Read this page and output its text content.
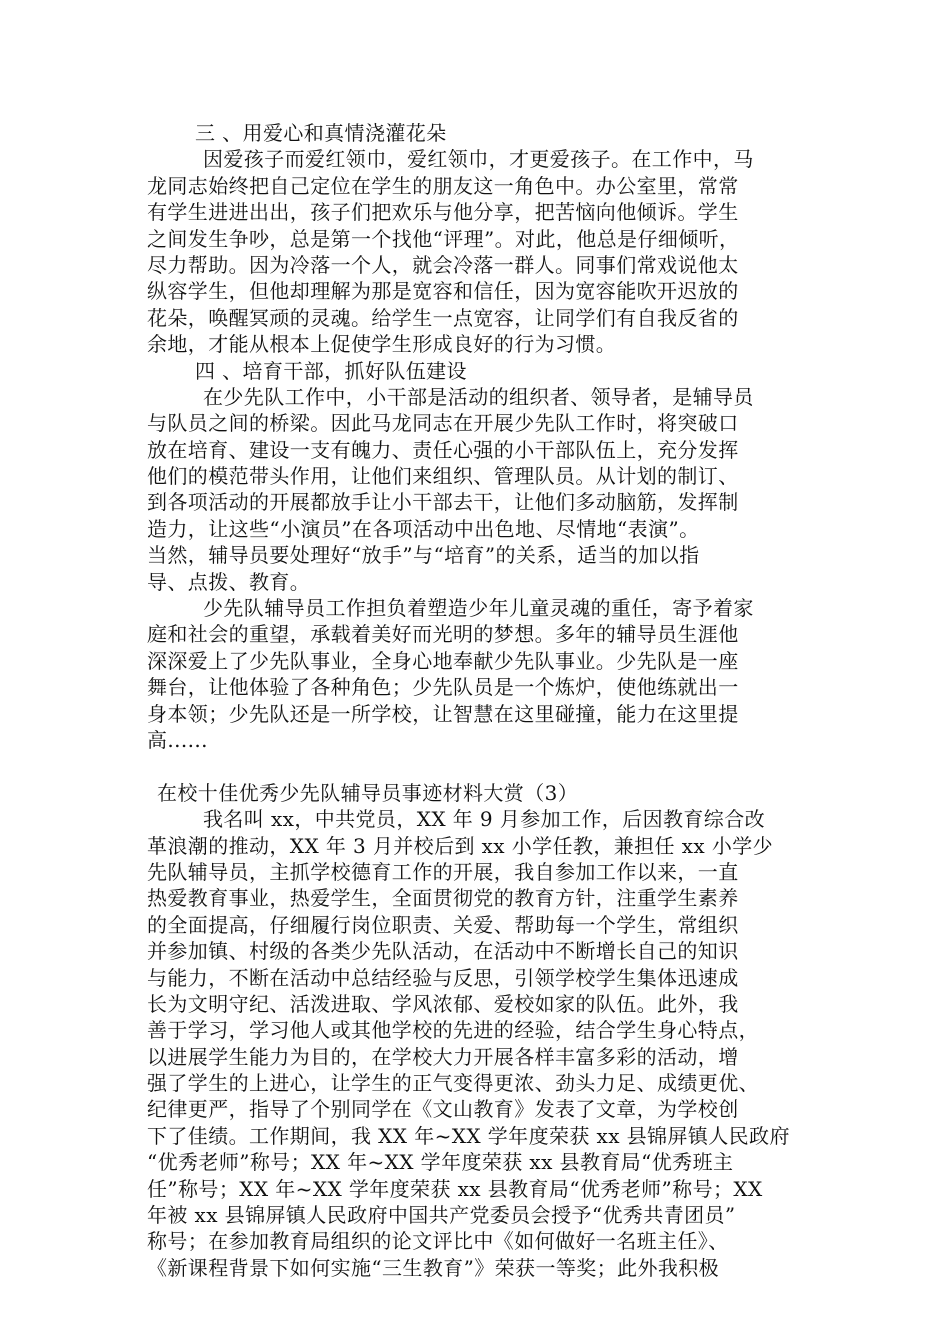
三 、用爱心和真情浇灌花朵
因爱孩子而爱红领巾，爱红领巾，才更爱孩子。在工作中，马
龙同志始终把自己定位在学生的朋友这一角色中。办公室里，常常
有学生进进出出，孩子们把欢乐与他分享，把苦恼向他倾诉。学生
之间发生争吵，总是第一个找他“评理”。对此，他总是仔细倾听，
尽力帮助。因为冷落一个人，就会冷落一群人。同事们常戏说他太
纵容学生，但他却理解为那是宽容和信任，因为宽容能吹开迟放的
花朵，唤醒冥顽的灵魂。给学生一点宽容，让同学们有自我反省的
余地，才能从根本上促使学生形成良好的行为习惯。
四 、培育干部，抓好队伍建设
在少先队工作中，小干部是活动的组织者、领导者，是辅导员
与队员之间的桥梁。因此马龙同志在开展少先队工作时，将突破口
放在培育、建设一支有魄力、责任心强的小干部队伍上，充分发挥
他们的模范带头作用，让他们来组织、管理队员。从计划的制订、
到各项活动的开展都放手让小干部去干，让他们多动脑筋，发挥制
造力，让这些“小演员”在各项活动中出色地、尽情地“表演”。
当然，辅导员要处理好“放手”与“培育”的关系，适当的加以指
导、点拨、教育。
少先队辅导员工作担负着塑造少年儿童灵魂的重任，寄予着家
庭和社会的重望，承载着美好而光明的梦想。多年的辅导员生涯他
深深爱上了少先队事业，全身心地奉献少先队事业。少先队是一座
舞台，让他体验了各种角色；少先队员是一个炼炉，使他练就出一
身本领；少先队还是一所学校，让智慧在这里碰撞，能力在这里提
高......
在校十佳优秀少先队辅导员事迹材料大赏（3）
我名叫 xx，中共党员，XX 年 9 月参加工作，后因教育综合改
革浪潮的推动，XX 年 3 月并校后到 xx 小学任教，兼担任 xx 小学少
先队辅导员，主抓学校德育工作的开展，我自参加工作以来，一直
热爱教育事业，热爱学生，全面贯彻党的教育方针，注重学生素养
的全面提高，仔细履行岗位职责、关爱、帮助每一个学生，常组织
并参加镇、村级的各类少先队活动，在活动中不断增长自己的知识
与能力，不断在活动中总结经验与反思，引领学校学生集体迅速成
长为文明守纪、活泼进取、学风浓郁、爱校如家的队伍。此外，我
善于学习，学习他人或其他学校的先进的经验，结合学生身心特点，
以进展学生能力为目的，在学校大力开展各样丰富多彩的活动，增
强了学生的上进心，让学生的正气变得更浓、劲头力足、成绩更优、
纪律更严，指导了个别同学在《文山教育》发表了文章，为学校创
下了佳绩。工作期间，我 XX 年~XX 学年度荣获 xx 县锦屏镇人民政府
“优秀老师”称号；XX 年~XX 学年度荣获 xx 县教育局“优秀班主
任”称号；XX 年~XX 学年度荣获 xx 县教育局“优秀老师”称号；XX
年被 xx 县锦屏镇人民政府中国共产党委员会授予“优秀共青团员”
称号；在参加教育局组织的论文评比中《如何做好一名班主任》、
《新课程背景下如何实施“三生教育”》荣获一等奖；此外我积极
